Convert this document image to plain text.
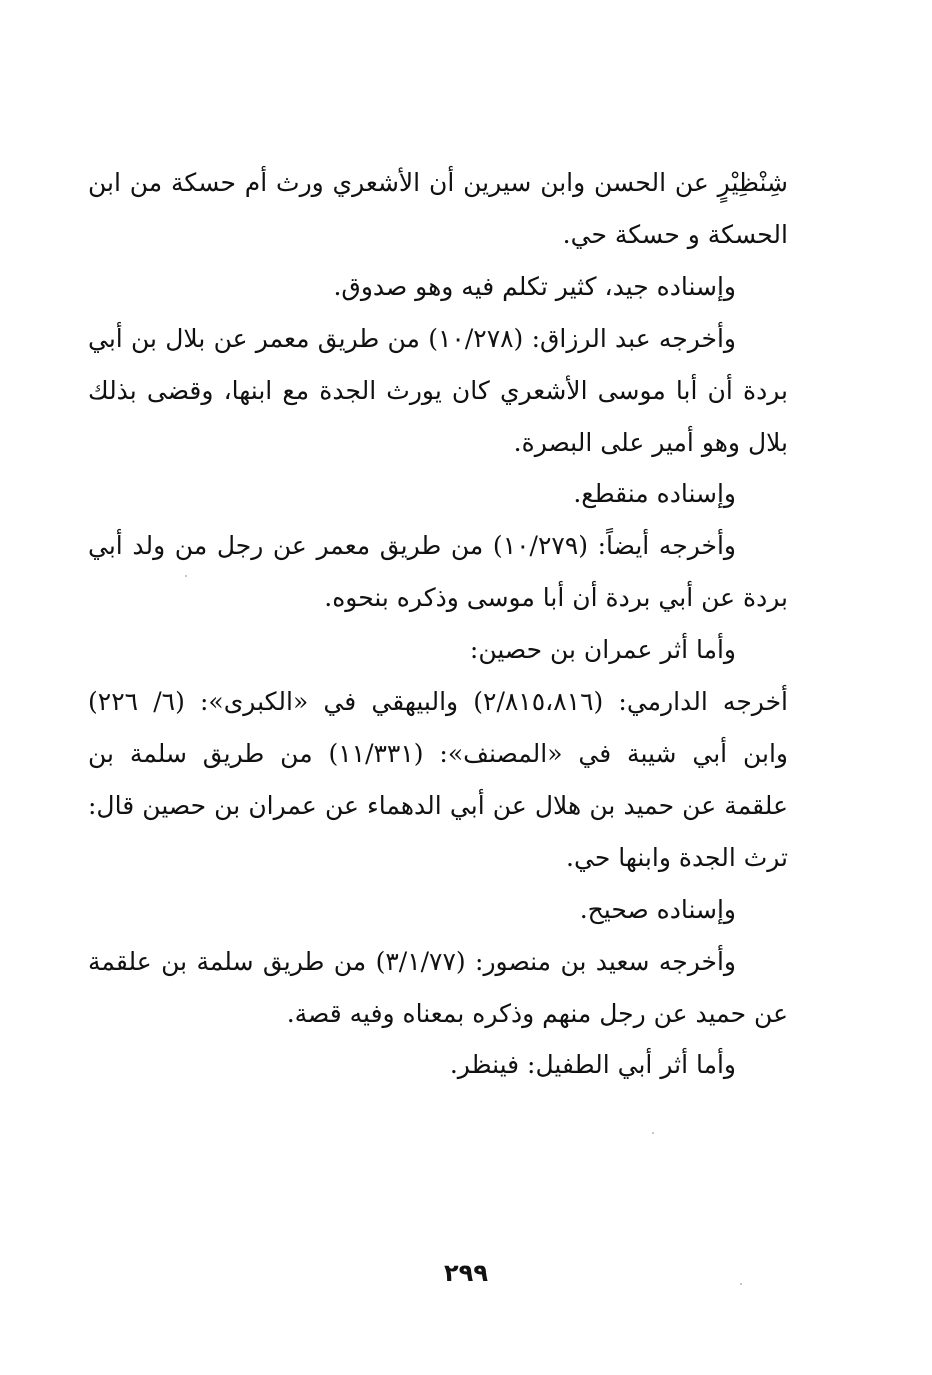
شِنْظِيْرٍ عن الحسن وابن سيرين أن الأشعري ورث أم حسكة من ابن الحسكة و حسكة حي.

وإسناده جيد، كثير تكلم فيه وهو صدوق.

وأخرجه عبد الرزاق: (١٠/٢٧٨) من طريق معمر عن بلال بن أبي بردة أن أبا موسى الأشعري كان يورث الجدة مع ابنها، وقضى بذلك بلال وهو أمير على البصرة.

وإسناده منقطع.

وأخرجه أيضاً: (١٠/٢٧٩) من طريق معمر عن رجل من ولد أبي بردة عن أبي بردة أن أبا موسى وذكره بنحوه.

وأما أثر عمران بن حصين:

أخرجه الدارمي: (٢/٨١٥،٨١٦) والبيهقي في «الكبرى»: (٦/ ٢٢٦) وابن أبي شيبة في «المصنف»: (١١/٣٣١) من طريق سلمة بن علقمة عن حميد بن هلال عن أبي الدهماء عن عمران بن حصين قال: ترث الجدة وابنها حي.

وإسناده صحيح.

وأخرجه سعيد بن منصور: (٣/١/٧٧) من طريق سلمة بن علقمة عن حميد عن رجل منهم وذكره بمعناه وفيه قصة.

وأما أثر أبي الطفيل: فينظر.

٢٩٩
